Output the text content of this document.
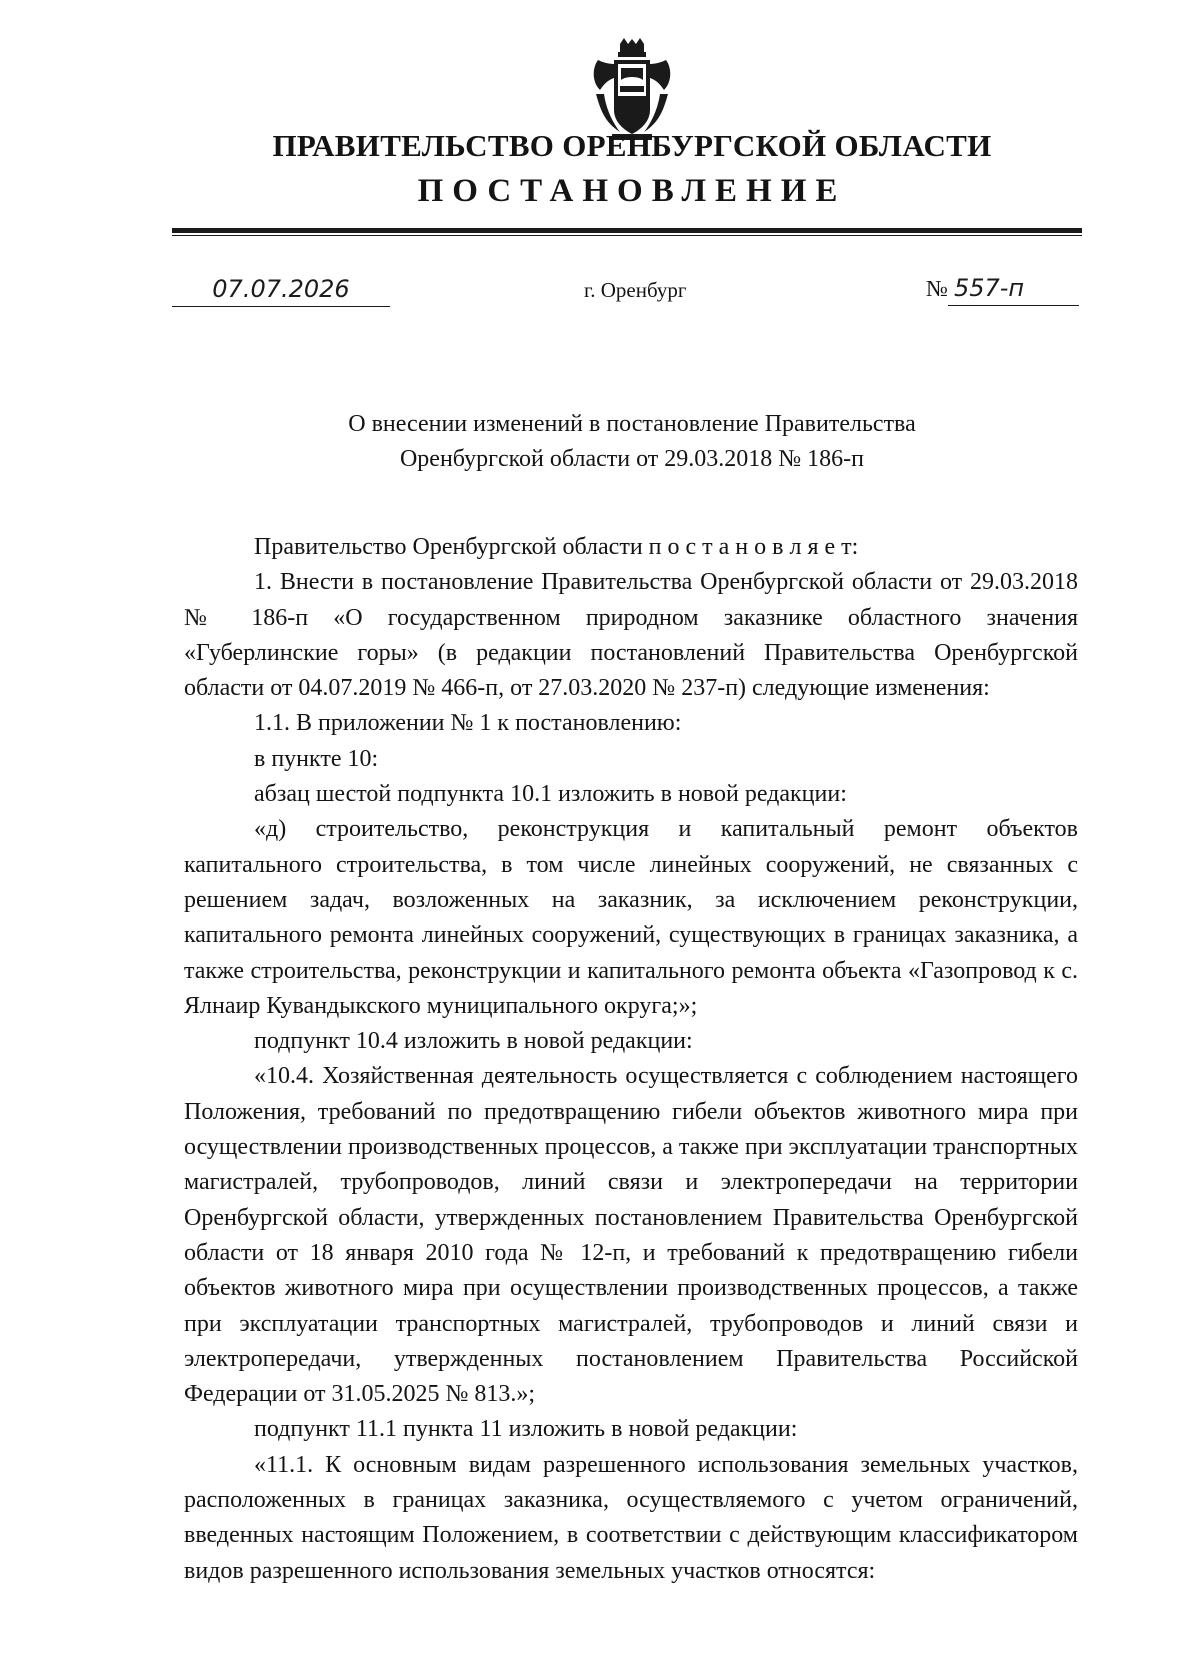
ПРАВИТЕЛЬСТВО ОРЕНБУРГСКОЙ ОБЛАСТИ
ПОСТАНОВЛЕНИЕ
07.07.2026	г. Оренбург	№ 557-п
О внесении изменений в постановление Правительства
Оренбургской области от 29.03.2018 № 186-п

Правительство Оренбургской области п о с т а н о в л я е т:

1. Внести в постановление Правительства Оренбургской области от 29.03.2018 № 186-п «О государственном природном заказнике областного значения «Губерлинские горы» (в редакции постановлений Правительства Оренбургской области от 04.07.2019 № 466-п, от 27.03.2020 № 237-п) следующие изменения:

1.1. В приложении № 1 к постановлению:

в пункте 10:

абзац шестой подпункта 10.1 изложить в новой редакции:

«д) строительство, реконструкция и капитальный ремонт объектов капитального строительства, в том числе линейных сооружений, не связанных с решением задач, возложенных на заказник, за исключением реконструкции, капитального ремонта линейных сооружений, существующих в границах заказника, а также строительства, реконструкции и капитального ремонта объекта «Газопровод к с. Ялнаир Кувандыкского муниципального округа;»;

подпункт 10.4 изложить в новой редакции:

«10.4. Хозяйственная деятельность осуществляется с соблюдением настоящего Положения, требований по предотвращению гибели объектов животного мира при осуществлении производственных процессов, а также при эксплуатации транспортных магистралей, трубопроводов, линий связи и электропередачи на территории Оренбургской области, утвержденных постановлением Правительства Оренбургской области от 18 января 2010 года № 12-п, и требований к предотвращению гибели объектов животного мира при осуществлении производственных процессов, а также при эксплуатации транспортных магистралей, трубопроводов и линий связи и электропередачи, утвержденных постановлением Правительства Российской Федерации от 31.05.2025 № 813.»;

подпункт 11.1 пункта 11 изложить в новой редакции:

«11.1. К основным видам разрешенного использования земельных участков, расположенных в границах заказника, осуществляемого с учетом ограничений, введенных настоящим Положением, в соответствии с действующим классификатором видов разрешенного использования земельных участков относятся:
